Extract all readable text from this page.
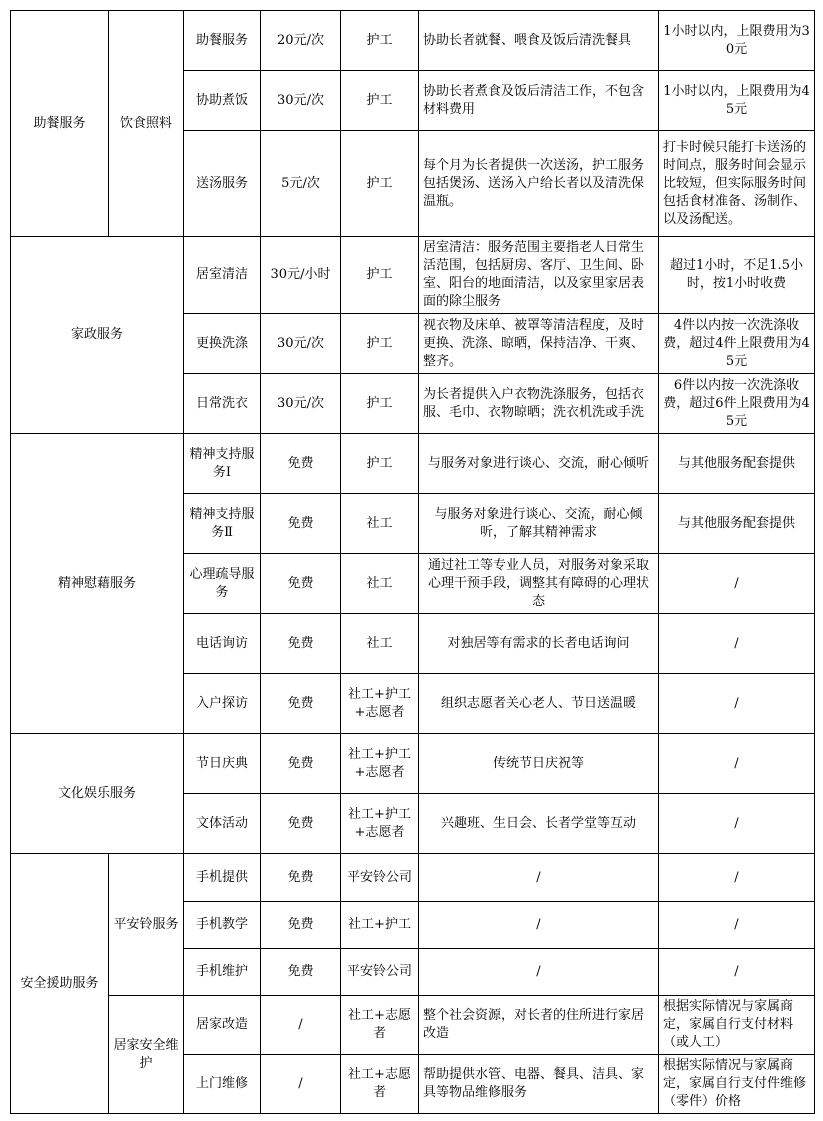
助餐服务	饮食照料	助餐服务	20元/次	护工	协助长者就餐、喂食及饭后清洗餐具	1小时以内，上限费用为30元
		协助煮饭	30元/次	护工	协助长者煮食及饭后清洁工作，不包含材料费用	1小时以内，上限费用为45元
		送汤服务	5元/次	护工	每个月为长者提供一次送汤，护工服务包括煲汤、送汤入户给长者以及清洗保温瓶。	打卡时候只能打卡送汤的时间点，服务时间会显示比较短，但实际服务时间包括食材准备、汤制作、以及汤配送。
家政服务		居室清洁	30元/小时	护工	居室清洁：服务范围主要指老人日常生活范围，包括厨房、客厅、卫生间、卧室、阳台的地面清洁，以及家里家居表面的除尘服务	超过1小时，不足1.5小时，按1小时收费
		更换洗涤	30元/次	护工	视衣物及床单、被罩等清洁程度，及时更换、洗涤、晾晒，保持洁净、干爽、整齐。	4件以内按一次洗涤收费，超过4件上限费用为45元
		日常洗衣	30元/次	护工	为长者提供入户衣物洗涤服务，包括衣服、毛巾、衣物晾晒；洗衣机洗或手洗	6件以内按一次洗涤收费，超过6件上限费用为45元
精神慰藉服务		精神支持服务Ⅰ	免费	护工	与服务对象进行谈心、交流，耐心倾听	与其他服务配套提供
		精神支持服务Ⅱ	免费	社工	与服务对象进行谈心、交流，耐心倾听，了解其精神需求	与其他服务配套提供
		心理疏导服务	免费	社工	通过社工等专业人员，对服务对象采取心理干预手段，调整其有障碍的心理状态	/
		电话询访	免费	社工	对独居等有需求的长者电话询问	/
		入户探访	免费	社工+护工+志愿者	组织志愿者关心老人、节日送温暖	/
文化娱乐服务		节日庆典	免费	社工+护工+志愿者	传统节日庆祝等	/
		文体活动	免费	社工+护工+志愿者	兴趣班、生日会、长者学堂等互动	/
安全援助服务	平安铃服务	手机提供	免费	平安铃公司	/	/
		手机教学	免费	社工+护工	/	/
		手机维护	免费	平安铃公司	/	/
	居家安全维护	居家改造	/	社工+志愿者	整个社会资源，对长者的住所进行家居改造	根据实际情况与家属商定，家属自行支付材料（或人工）
		上门维修	/	社工+志愿者	帮助提供水管、电器、餐具、洁具、家具等物品维修服务	根据实际情况与家属商定，家属自行支付件维修（零件）价格
